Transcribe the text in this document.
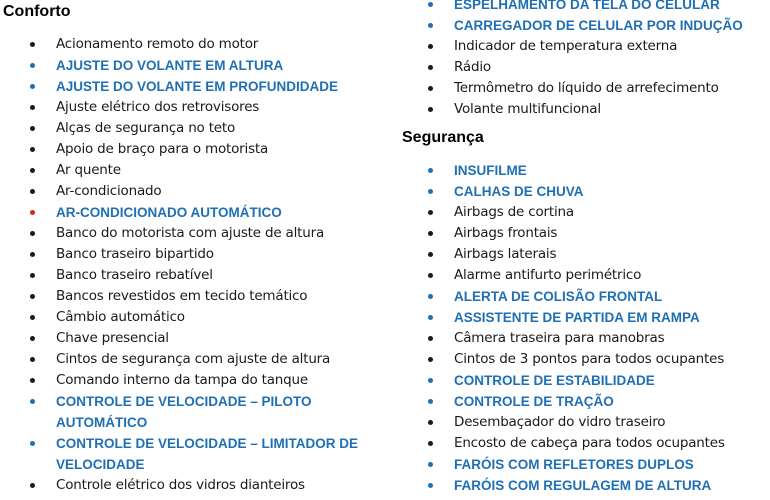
Conforto
Acionamento remoto do motor
AJUSTE DO VOLANTE EM ALTURA
AJUSTE DO VOLANTE EM PROFUNDIDADE
Ajuste elétrico dos retrovisores
Alças de segurança no teto
Apoio de braço para o motorista
Ar quente
Ar-condicionado
AR-CONDICIONADO AUTOMÁTICO
Banco do motorista com ajuste de altura
Banco traseiro bipartido
Banco traseiro rebatível
Bancos revestidos em tecido temático
Câmbio automático
Chave presencial
Cintos de segurança com ajuste de altura
Comando interno da tampa do tanque
CONTROLE DE VELOCIDADE – PILOTO AUTOMÁTICO
CONTROLE DE VELOCIDADE – LIMITADOR DE VELOCIDADE
Controle elétrico dos vidros dianteiros
ESPELHAMENTO DA TELA DO CELULAR
CARREGADOR DE CELULAR POR INDUÇÃO
Indicador de temperatura externa
Rádio
Termômetro do líquido de arrefecimento
Volante multifuncional
Segurança
INSUFILME
CALHAS DE CHUVA
Airbags de cortina
Airbags frontais
Airbags laterais
Alarme antifurto perimétrico
ALERTA DE COLISÃO FRONTAL
ASSISTENTE DE PARTIDA EM RAMPA
Câmera traseira para manobras
Cintos de 3 pontos para todos ocupantes
CONTROLE DE ESTABILIDADE
CONTROLE DE TRAÇÃO
Desembaçador do vidro traseiro
Encosto de cabeça para todos ocupantes
FARÓIS COM REFLETORES DUPLOS
FARÓIS COM REGULAGEM DE ALTURA
